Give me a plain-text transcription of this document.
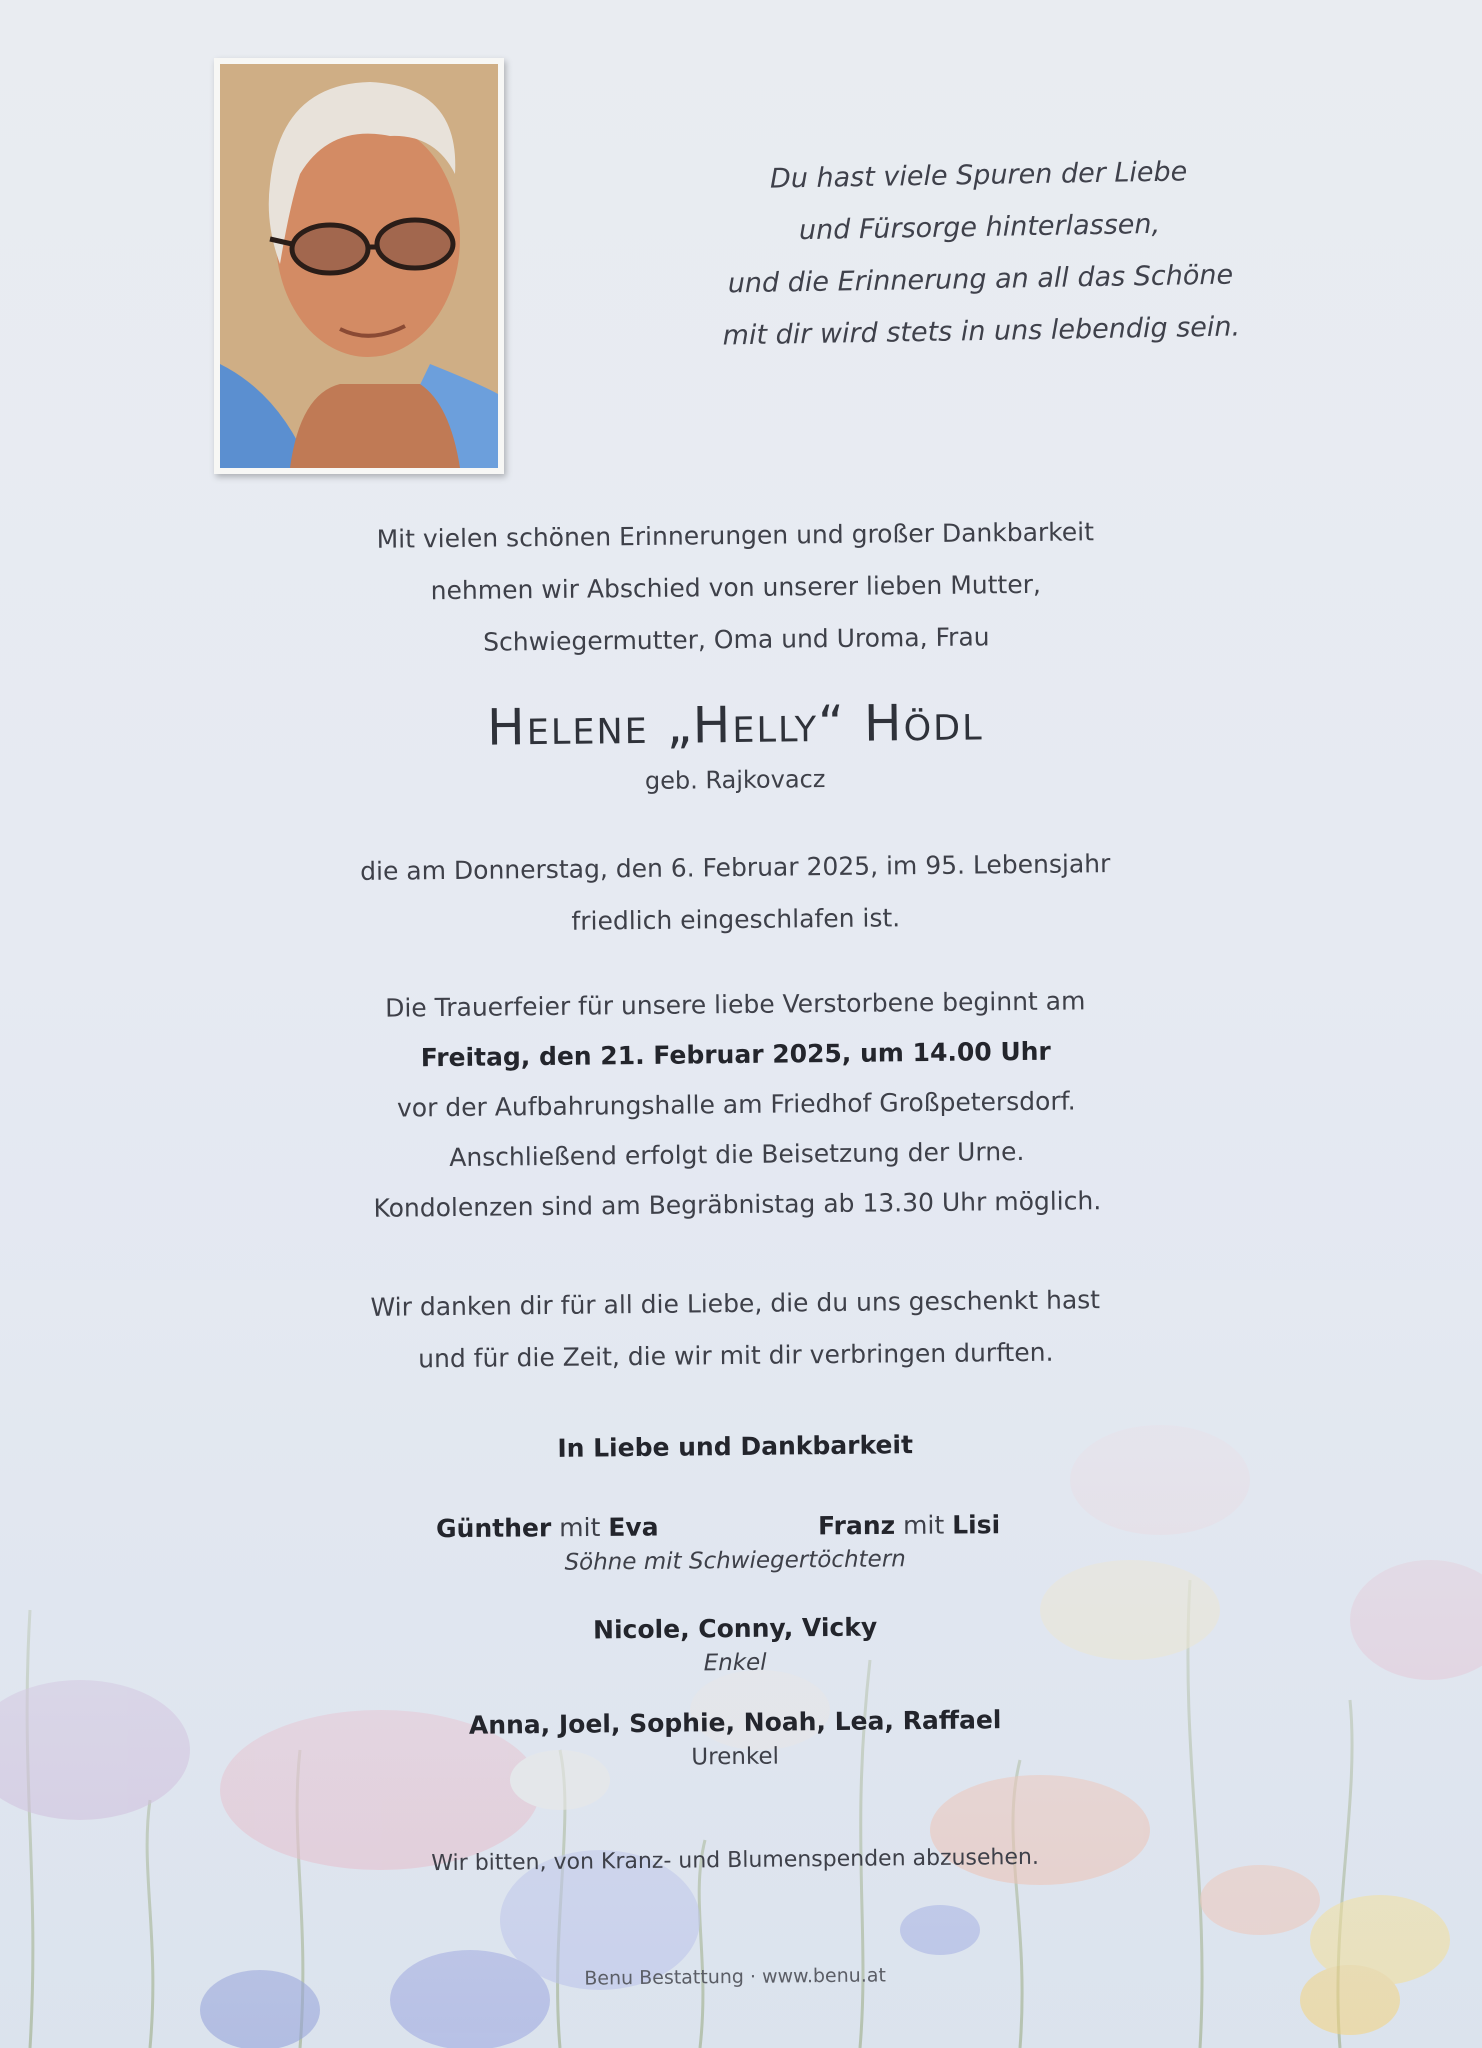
Du hast viele Spuren der Liebe
und Fürsorge hinterlassen,
und die Erinnerung an all das Schöne
mit dir wird stets in uns lebendig sein.
Mit vielen schönen Erinnerungen und großer Dankbarkeit
nehmen wir Abschied von unserer lieben Mutter,
Schwiegermutter, Oma und Uroma, Frau
Helene „Helly“ Hödl
geb. Rajkovacz
die am Donnerstag, den 6. Februar 2025, im 95. Lebensjahr
friedlich eingeschlafen ist.
Die Trauerfeier für unsere liebe Verstorbene beginnt am
Freitag, den 21. Februar 2025, um 14.00 Uhr
vor der Aufbahrungshalle am Friedhof Großpetersdorf.
Anschließend erfolgt die Beisetzung der Urne.
Kondolenzen sind am Begräbnistag ab 13.30 Uhr möglich.
Wir danken dir für all die Liebe, die du uns geschenkt hast
und für die Zeit, die wir mit dir verbringen durften.
In Liebe und Dankbarkeit
Günther mit Eva	Franz mit Lisi
Söhne mit Schwiegertöchtern
Nicole, Conny, Vicky
Enkel
Anna, Joel, Sophie, Noah, Lea, Raffael
Urenkel
Wir bitten, von Kranz- und Blumenspenden abzusehen.
Benu Bestattung · www.benu.at
